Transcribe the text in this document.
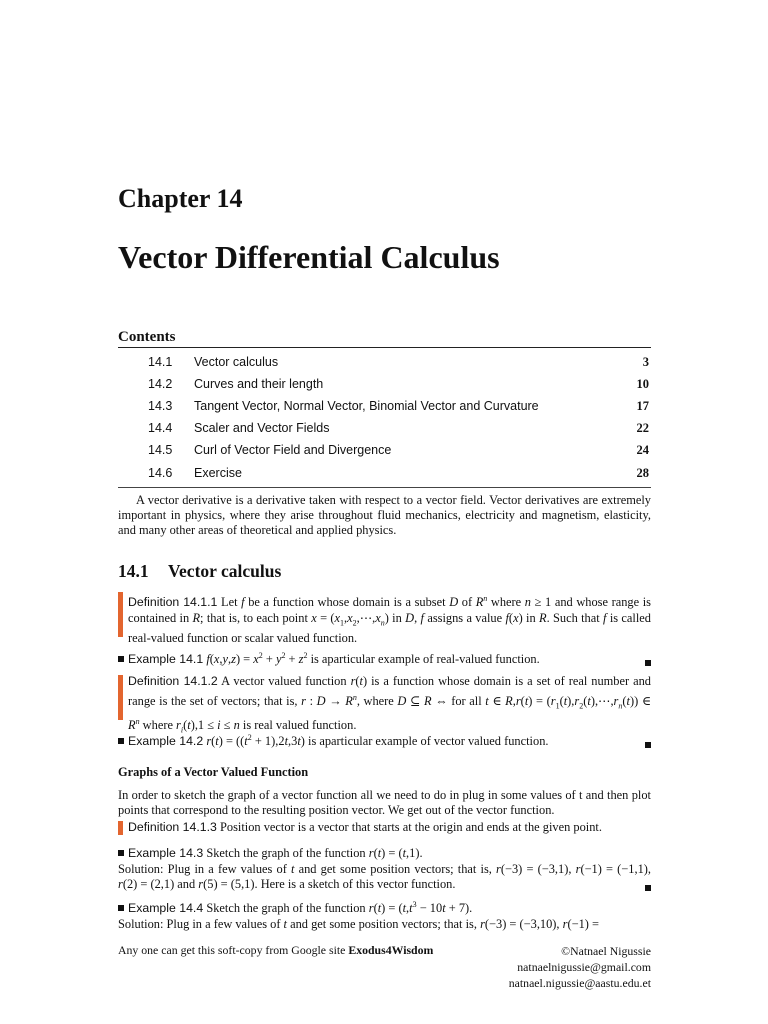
Chapter 14
Vector Differential Calculus
Contents
14.1 Vector calculus	3
14.2 Curves and their length	10
14.3 Tangent Vector, Normal Vector, Binomial Vector and Curvature	17
14.4 Scaler and Vector Fields	22
14.5 Curl of Vector Field and Divergence	24
14.6 Exercise	28
A vector derivative is a derivative taken with respect to a vector field. Vector derivatives are extremely important in physics, where they arise throughout fluid mechanics, electricity and magnetism, elasticity, and many other areas of theoretical and applied physics.
14.1 Vector calculus
Definition 14.1.1 Let f be a function whose domain is a subset D of $R^n$ where n ≥ 1 and whose range is contained in R; that is, to each point $x = (x_1,x_2,\cdots,x_n)$ in D, f assigns a value f(x) in R. Such that f is called real-valued function or scalar valued function.
Example 14.1 $f(x,y,z) = x^2 + y^2 + z^2$ is aparticular example of real-valued function.
Definition 14.1.2 A vector valued function r(t) is a function whose domain is a set of real number and range is the set of vectors; that is, r : $D \to R^n$, where D ⊆ R ⇔ for all t ∈ $R,r(t) = (r_1(t),r_2(t),\cdots,r_n(t))$ ∈ $R^n$ where $r_i(t),1 \le i \le n$ is real valued function.
Example 14.2 $r(t) = ((t^2 + 1),2t,3t)$ is aparticular example of vector valued function.
Graphs of a Vector Valued Function
In order to sketch the graph of a vector function all we need to do in plug in some values of t and then plot points that correspond to the resulting position vector. We get out of the vector function.
Definition 14.1.3 Position vector is a vector that starts at the origin and ends at the given point.
Example 14.3 Sketch the graph of the function r(t) = (t,1).
Solution: Plug in a few values of t and get some position vectors; that is, r(−3) = (−3,1), r(−1) = (−1,1), r(2) = (2,1) and r(5) = (5,1). Here is a sketch of this vector function.
Example 14.4 Sketch the graph of the function $r(t) = (t,t^3 - 10t + 7)$.
Solution: Plug in a few values of t and get some position vectors; that is, r(−3) = (−3,10), r(−1) =
Any one can get this soft-copy from Google site Exodus4Wisdom	©Natnael Nigussie
natnaelnigussie@gmail.com
natnael.nigussie@aastu.edu.et
